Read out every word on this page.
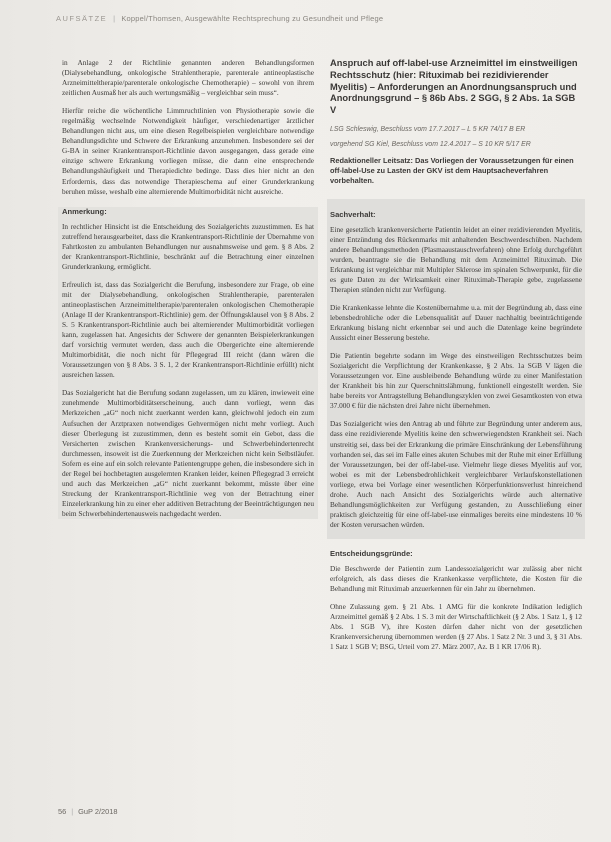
AUFSÄTZE | Koppel/Thomsen, Ausgewählte Rechtsprechung zu Gesundheit und Pflege

in Anlage 2 der Richtlinie genannten anderen Behandlungsformen (Dialysebehandlung, onkologische Strahlentherapie, parenterale antineoplastische Arzneimitteltherapie/parenterale onkologische Chemotherapie) – sowohl von ihrem zeitlichen Ausmaß her als auch wertungsmäßig – vergleichbar sein muss“.

Hierfür reiche die wöchentliche Limmruchtlinien von Physiotherapie sowie die regelmäßig wechselnde Notwendigkeit häufiger, verschiedenartiger ärztlicher Behandlungen nicht aus, um eine diesen Regelbeispielen vergleichbare notwendige Behandlungsdichte und Schwere der Erkrankung anzunehmen. Insbesondere sei der G-BA in seiner Krankentransport-Richtlinie davon ausgegangen, dass gerade eine einzige schwere Erkrankung vorliegen müsse, die dann eine entsprechende Behandlungshäufigkeit und Therapiedichte bedinge. Dass dies hier nicht an den Erfordernis, dass das notwendige Therapieschema auf einer Grunderkrankung beruhen müsse, weshalb eine alternierende Multimorbidität nicht ausreiche.

Anmerkung:

In rechtlicher Hinsicht ist die Entscheidung des Sozialgerichts zuzustimmen. Es hat zutreffend herausgearbeitet, dass die Krankentransport-Richtlinie der Übernahme von Fahrtkosten zu ambulanten Behandlungen nur ausnahmsweise und gem. § 8 Abs. 2 der Krankentransport-Richtlinie, beschränkt auf die Betrachtung einer einzelnen Grunderkrankung, ermöglicht.

Erfreulich ist, dass das Sozialgericht die Berufung, insbesondere zur Frage, ob eine mit der Dialysebehandlung, onkologischen Strahlentherapie, parenteralen antineoplastischen Arzneimitteltherapie/parenteralen onkologischen Chemotherapie (Anlage II der Krankentransport-Richtlinie) gem. der Öffnungsklausel von § 8 Abs. 2 S. 5 Krankentransport-Richtlinie auch bei alternierender Multimorbidität vorliegen kann, zugelassen hat. Angesichts der Schwere der genannten Beispielerkrankungen darf vorsichtig vermutet werden, dass auch die Obergerichte eine alternierende Multimorbidität, die noch nicht für Pflegegrad III reicht (dann wären die Voraussetzungen von § 8 Abs. 3 S. 1, 2 der Krankentransport-Richtlinie erfüllt) nicht ausreichen lassen.

Das Sozialgericht hat die Berufung sodann zugelassen, um zu klären, inwieweit eine zunehmende Multimorbiditätserscheinung, auch dann vorliegt, wenn das Merkzeichen „aG“ noch nicht zuerkannt werden kann, gleichwohl jedoch ein zum Aufsuchen der Arztpraxen notwendiges Gehvermögen nicht mehr vorliegt. Auch dieser Überlegung ist zuzustimmen, denn es besteht somit ein Gebot, dass die Versicherten zwischen Krankenversicherungs- und Schwerbehindertenrecht durchmessen, insoweit ist die Zuerkennung der Merkzeichen nicht kein Selbstläufer. Sofern es eine auf ein solch relevante Patientengruppe gehen, die insbesondere sich in der Regel bei hochbetagten ausgelernten Kranken leider, keinen Pflegegrad 3 erreicht und auch das Merkzeichen „aG“ nicht zuerkannt bekommt, müsste über eine Streckung der Krankentransport-Richtlinie weg von der Betrachtung einer Einzelerkrankung hin zu einer eher additiven Betrachtung der Beeinträchtigungen neu beim Schwerbehindertenausweis nachgedacht werden.

Anspruch auf off-label-use Arzneimittel im einstweiligen Rechtsschutz (hier: Rituximab bei rezidivierender Myelitis) – Anforderungen an Anordnungsanspruch und Anordnungsgrund – § 86b Abs. 2 SGG, § 2 Abs. 1a SGB V
LSG Schleswig, Beschluss vom 17.7.2017 – L 5 KR 74/17 B ER
vorgehend SG Kiel, Beschluss vom 12.4.2017 – S 10 KR 5/17 ER
Redaktioneller Leitsatz: Das Vorliegen der Voraussetzungen für einen off-label-Use zu Lasten der GKV ist dem Hauptsacheverfahren vorbehalten.
Sachverhalt:

Eine gesetzlich krankenversicherte Patientin leidet an einer rezidivierenden Myelitis, einer Entzündung des Rückenmarks mit anhaltenden Beschwerdeschüben. Nachdem andere Behandlungsmethoden (Plasmaaustauschverfahren) ohne Erfolg durchgeführt wurden, beantragte sie die Behandlung mit dem Arzneimittel Rituximab. Die Erkrankung ist vergleichbar mit Multipler Sklerose im spinalen Schwerpunkt, für die es gute Daten zu der Wirksamkeit einer Rituximab-Therapie gebe, zugelassene Therapien stünden nicht zur Verfügung.

Die Krankenkasse lehnte die Kostenübernahme u.a. mit der Begründung ab, dass eine lebensbedrohliche oder die Lebensqualität auf Dauer nachhaltig beeinträchtigende Erkrankung bislang nicht erkennbar sei und auch die Datenlage keine begründete Aussicht einer Besserung bestehe.

Die Patientin begehrte sodann im Wege des einstweiligen Rechtsschutzes beim Sozialgericht die Verpflichtung der Krankenkasse, § 2 Abs. 1a SGB V lägen die Voraussetzungen vor. Eine ausbleibende Behandlung würde zu einer Manifestation der Krankheit bis hin zur Querschnittslähmung, funktionell eingestellt werden. Sie habe bereits vor Antragstellung Behandlungszyklen von zwei Gesamtkosten von etwa 37.000 € für die nächsten drei Jahre nicht übernehmen.

Das Sozialgericht wies den Antrag ab und führte zur Begründung unter anderem aus, dass eine rezidivierende Myelitis keine den schwerwiegendsten Krankheit sei. Nach unstreitig sei, dass bei der Erkrankung die primäre Einschränkung der Lebensführung vorhanden sei, das sei im Falle eines akuten Schubes mit der Ruhe mit einer Erfüllung der Voraussetzungen, bei der off-label-use. Vielmehr liege dieses Myelitis auf vor, wobei es mit der Lebensbedrohlichkeit vergleichbarer Verlaufskonstellationen vorliege, etwa bei Vorlage einer wesentlichen Körperfunktionsverlust hinreichend drohe. Auch nach Ansicht des Sozialgerichts würde auch alternative Behandlungsmöglichkeiten zur Verfügung gestanden, zu Ausschließung einer praktisch gleichzeitig für eine off-label-use einmaliges bereits eine mindestens 10 % der Kosten verursachen würden.

Entscheidungsgründe:

Die Beschwerde der Patientin zum Landessozialgericht war zulässig aber nicht erfolgreich, als dass dieses die Krankenkasse verpflichtete, die Kosten für die Behandlung mit Rituximab anzuerkennen für ein Jahr zu übernehmen.

Ohne Zulassung gem. § 21 Abs. 1 AMG für die konkrete Indikation lediglich Arzneimittel gemäß § 2 Abs. 1 S. 3 mit der Wirtschaftlichkeit (§ 2 Abs. 1 Satz 1, § 12 Abs. 1 SGB V), ihre Kosten dürfen daher nicht von der gesetzlichen Krankenversicherung übernommen werden (§ 27 Abs. 1 Satz 2 Nr. 3 und 3, § 31 Abs. 1 Satz 1 SGB V; BSG, Urteil vom 27. März 2007, Az. B 1 KR 17/06 R).

56 | GuP 2/2018
